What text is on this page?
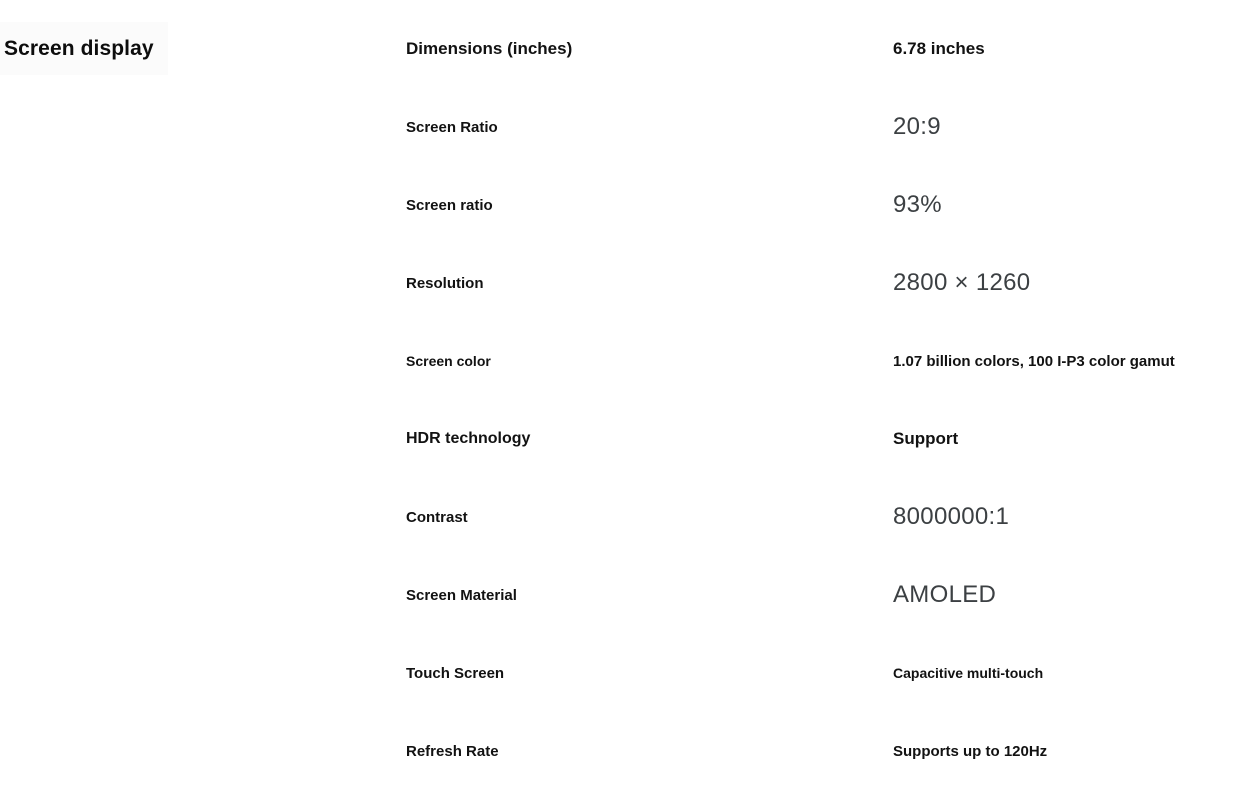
Screen display	Dimensions (inches)	6.78 inches
Screen Ratio	20:9
Screen ratio	93%
Resolution	2800 × 1260
Screen color	1.07 billion colors, 100 I-P3 color gamut
HDR technology	Support
Contrast	8000000:1
Screen Material	AMOLED
Touch Screen	Capacitive multi-touch
Refresh Rate	Supports up to 120Hz
